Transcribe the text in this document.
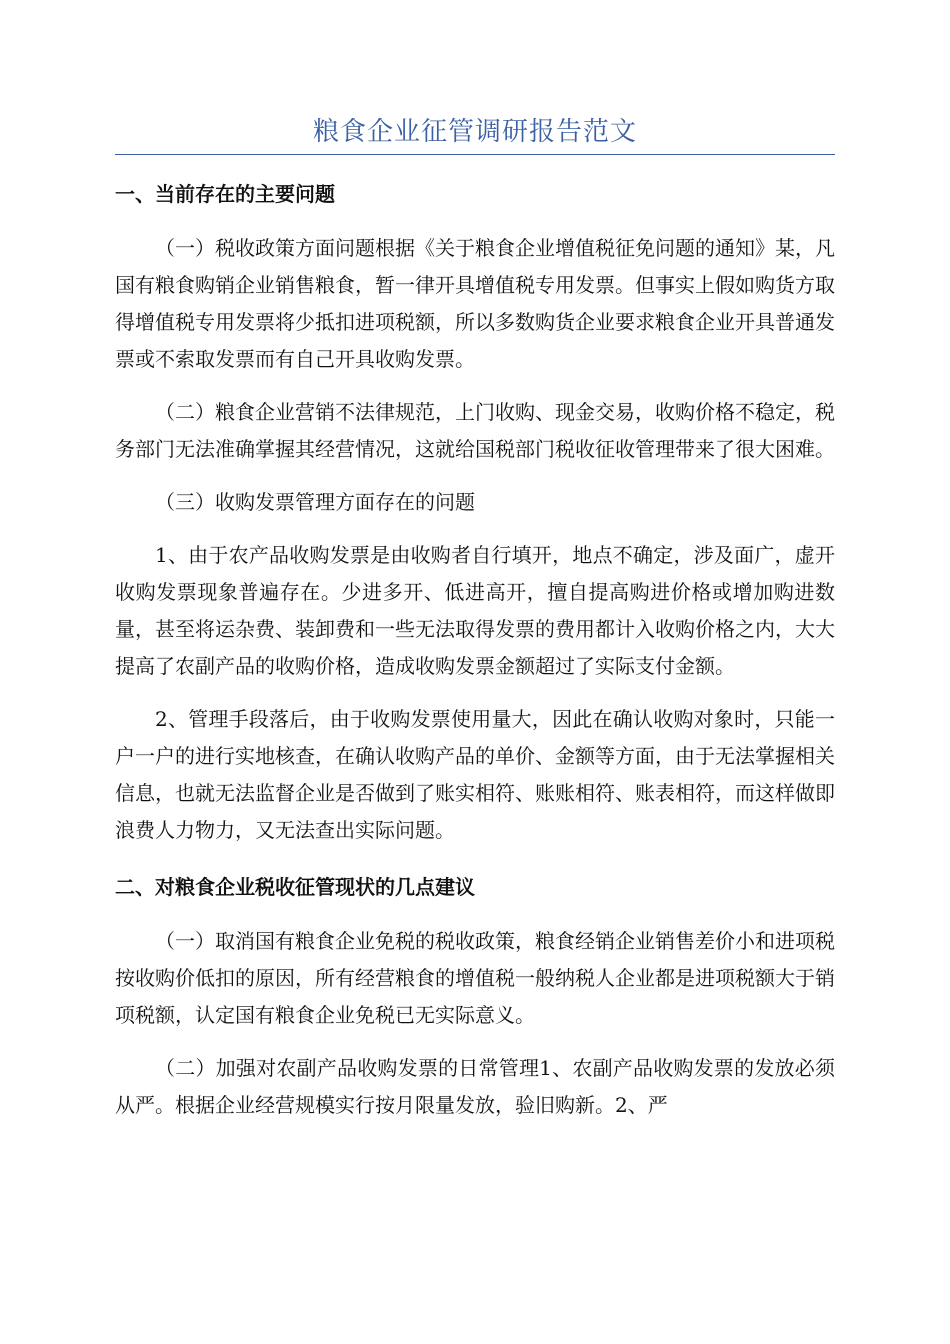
粮食企业征管调研报告范文
一、当前存在的主要问题

（一）税收政策方面问题根据《关于粮食企业增值税征免问题的通知》某，凡国有粮食购销企业销售粮食，暂一律开具增值税专用发票。但事实上假如购货方取得增值税专用发票将少抵扣进项税额，所以多数购货企业要求粮食企业开具普通发票或不索取发票而有自己开具收购发票。

（二）粮食企业营销不法律规范，上门收购、现金交易，收购价格不稳定，税务部门无法准确掌握其经营情况，这就给国税部门税收征收管理带来了很大困难。

（三）收购发票管理方面存在的问题

1、由于农产品收购发票是由收购者自行填开，地点不确定，涉及面广，虚开收购发票现象普遍存在。少进多开、低进高开，擅自提高购进价格或增加购进数量，甚至将运杂费、装卸费和一些无法取得发票的费用都计入收购价格之内，大大提高了农副产品的收购价格，造成收购发票金额超过了实际支付金额。

2、管理手段落后，由于收购发票使用量大，因此在确认收购对象时，只能一户一户的进行实地核查，在确认收购产品的单价、金额等方面，由于无法掌握相关信息，也就无法监督企业是否做到了账实相符、账账相符、账表相符，而这样做即浪费人力物力，又无法查出实际问题。

二、对粮食企业税收征管现状的几点建议

（一）取消国有粮食企业免税的税收政策，粮食经销企业销售差价小和进项税按收购价低扣的原因，所有经营粮食的增值税一般纳税人企业都是进项税额大于销项税额，认定国有粮食企业免税已无实际意义。

（二）加强对农副产品收购发票的日常管理1、农副产品收购发票的发放必须从严。根据企业经营规模实行按月限量发放，验旧购新。2、严
